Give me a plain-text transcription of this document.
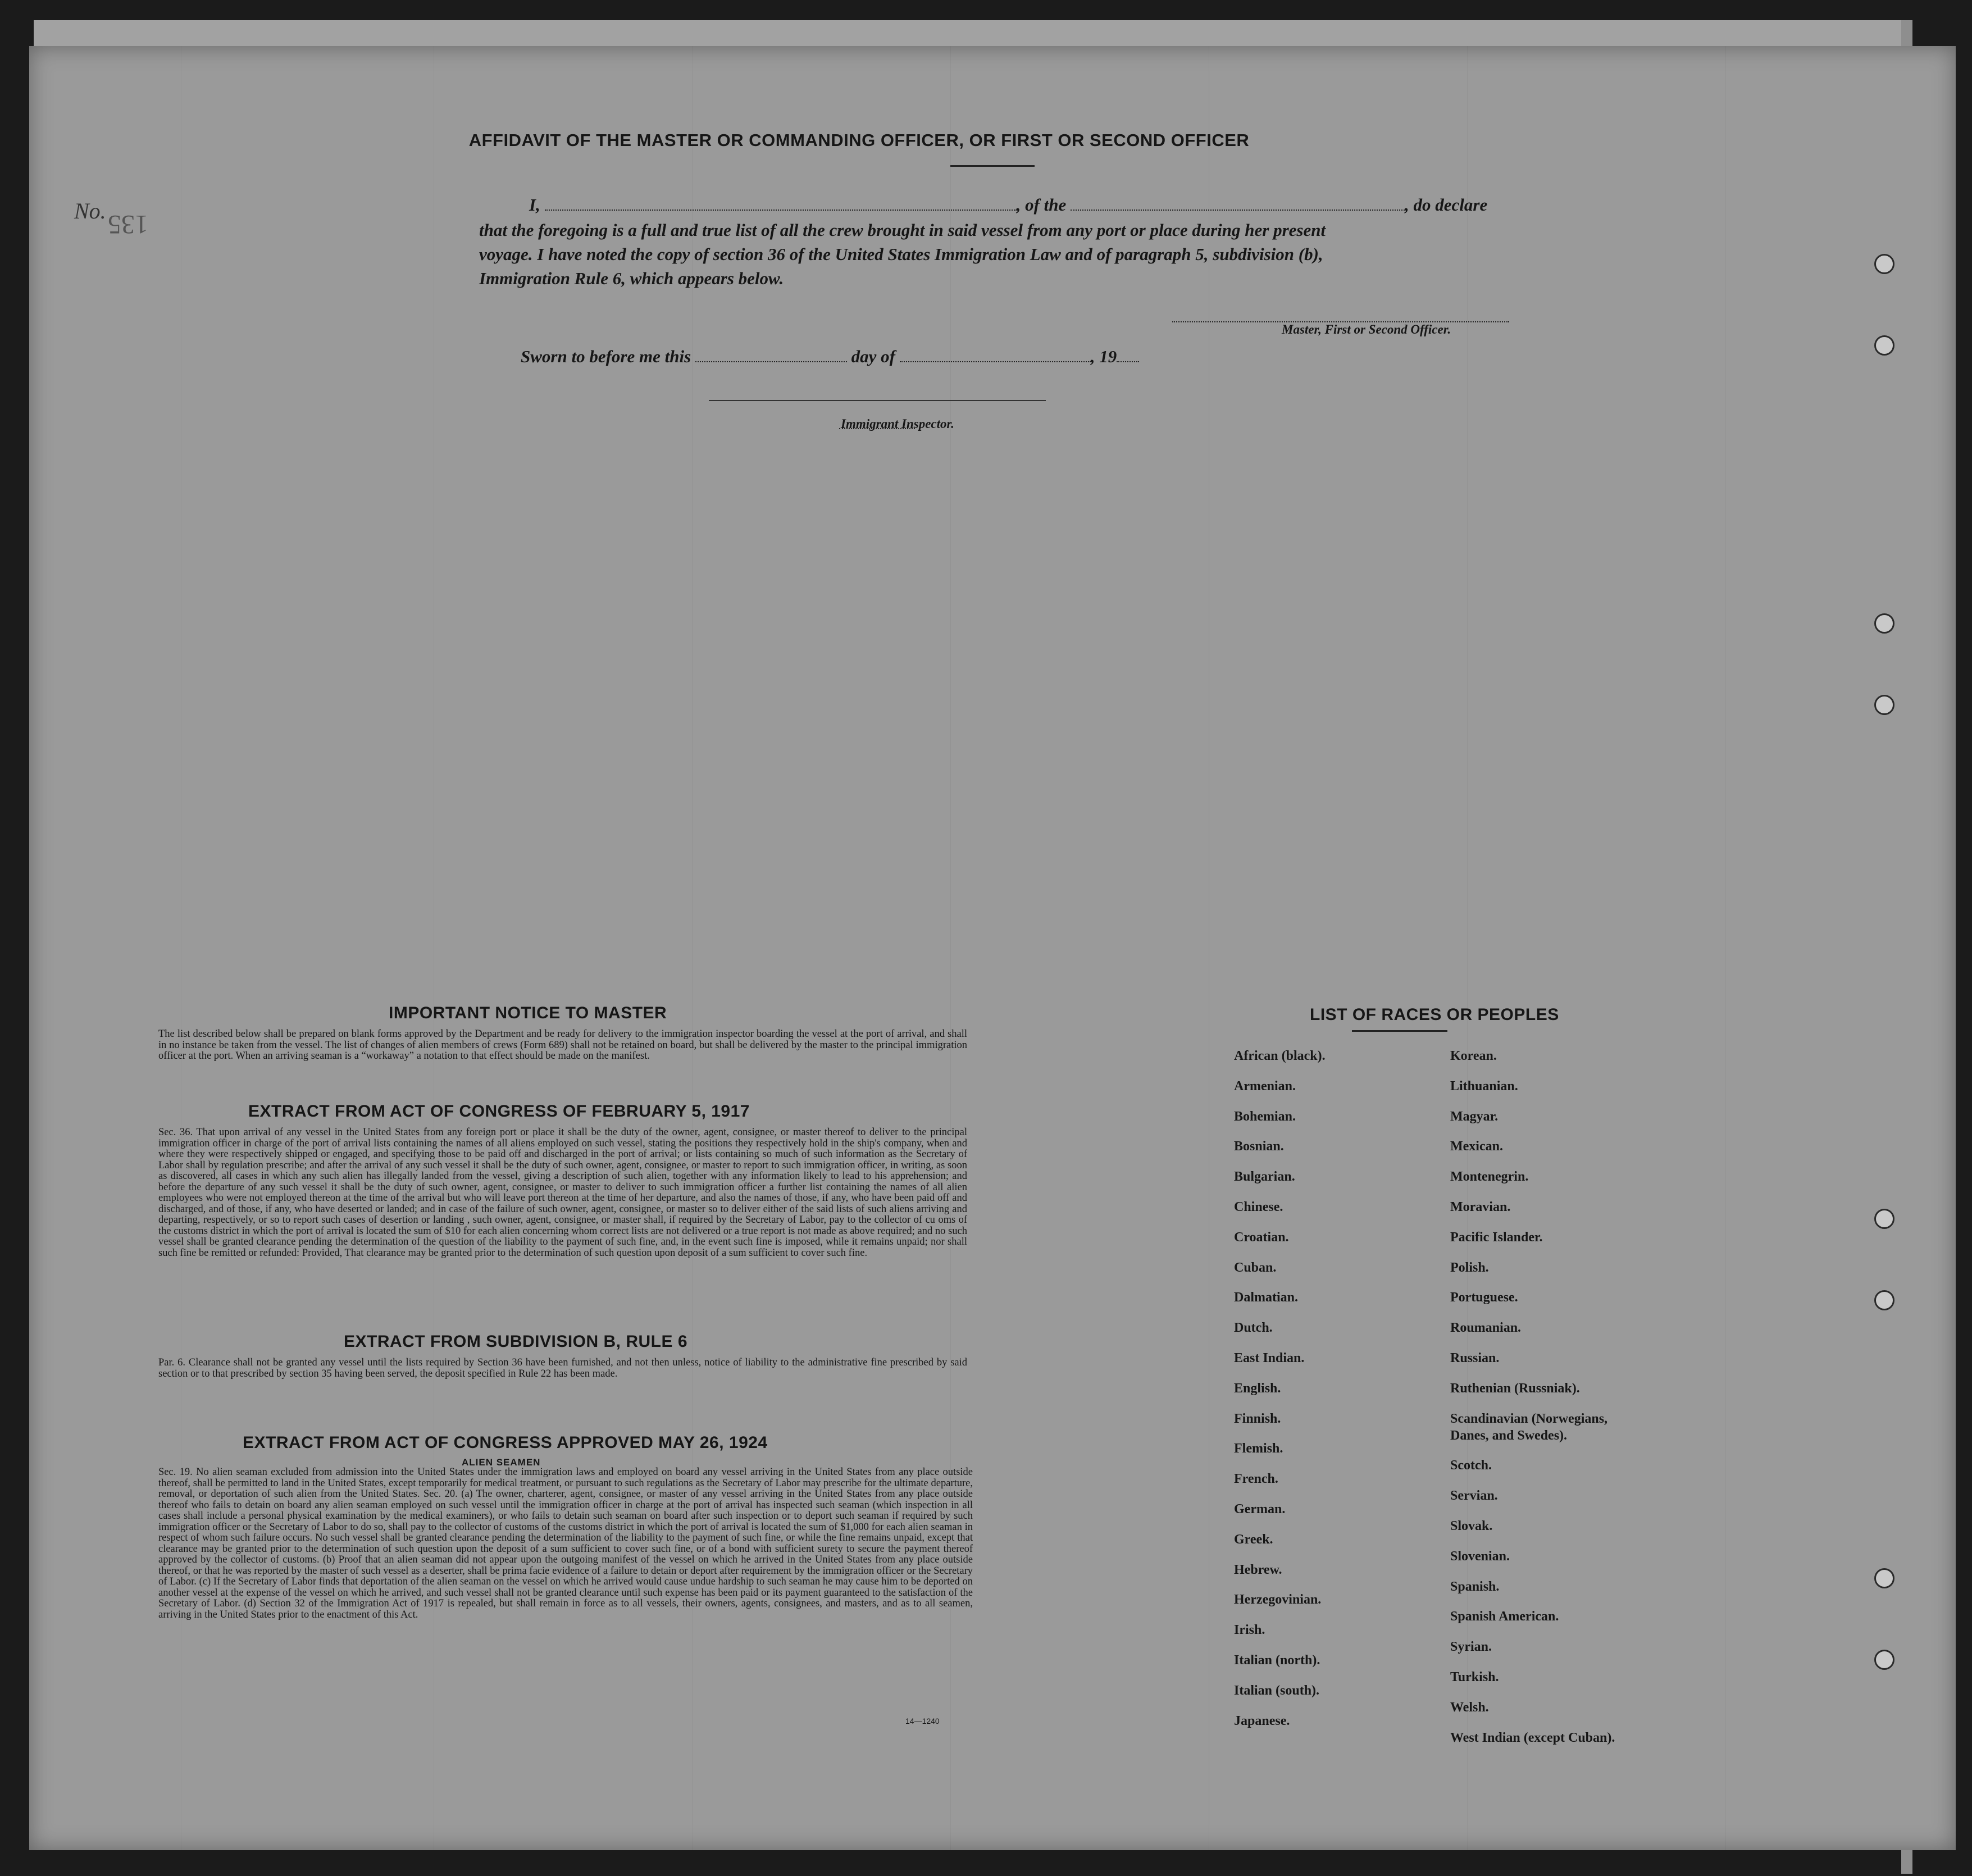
AFFIDAVIT OF THE MASTER OR COMMANDING OFFICER, OR FIRST OR SECOND OFFICER
I,	, of the	, do declare
that the foregoing is a full and true list of all the crew brought in said vessel from any port or place during her present
voyage. I have noted the copy of section 36 of the United States Immigration Law and of paragraph 5, subdivision (b),
Immigration Rule 6, which appears below.
Master, First or Second Officer.
Sworn to before me this	day of	, 19
Immigrant Inspector.
No. 135
IMPORTANT NOTICE TO MASTER
The list described below shall be prepared on blank forms approved by the Department and be ready for delivery to the immigration inspector boarding the vessel at the port of arrival, and shall in no instance be taken from the vessel. The list of changes of alien members of crews (Form 689) shall not be retained on board, but shall be delivered by the master to the principal immigration officer at the port. When an arriving seaman is a “workaway” a notation to that effect should be made on the manifest.
EXTRACT FROM ACT OF CONGRESS OF FEBRUARY 5, 1917
Sec. 36. That upon arrival of any vessel in the United States from any foreign port or place it shall be the duty of the owner, agent, consignee, or master thereof to deliver to the principal immigration officer in charge of the port of arrival lists containing the names of all aliens employed on such vessel, stating the positions they respectively hold in the ship's company, when and where they were respectively shipped or engaged, and specifying those to be paid off and discharged in the port of arrival; or lists containing so much of such information as the Secretary of Labor shall by regulation prescribe; and after the arrival of any such vessel it shall be the duty of such owner, agent, consignee, or master to report to such immigration officer, in writing, as soon as discovered, all cases in which any such alien has illegally landed from the vessel, giving a description of such alien, together with any information likely to lead to his apprehension; and before the departure of any such vessel it shall be the duty of such owner, agent, consignee, or master to deliver to such immigration officer a further list containing the names of all alien employees who were not employed thereon at the time of the arrival but who will leave port thereon at the time of her departure, and also the names of those, if any, who have been paid off and discharged, and of those, if any, who have deserted or landed; and in case of the failure of such owner, agent, consignee, or master so to deliver either of the said lists of such aliens arriving and departing, respectively, or so to report such cases of desertion or landing , such owner, agent, consignee, or master shall, if required by the Secretary of Labor, pay to the collector of cu oms of the customs district in which the port of arrival is located the sum of $10 for each alien concerning whom correct lists are not delivered or a true report is not made as above required; and no such vessel shall be granted clearance pending the determination of the question of the liability to the payment of such fine, and, in the event such fine is imposed, while it remains unpaid; nor shall such fine be remitted or refunded: Provided, That clearance may be granted prior to the determination of such question upon deposit of a sum sufficient to cover such fine.
EXTRACT FROM SUBDIVISION B, RULE 6
Par. 6. Clearance shall not be granted any vessel until the lists required by Section 36 have been furnished, and not then unless, notice of liability to the administrative fine prescribed by said section or to that prescribed by section 35 having been served, the deposit specified in Rule 22 has been made.
EXTRACT FROM ACT OF CONGRESS APPROVED MAY 26, 1924
ALIEN SEAMEN
Sec. 19. No alien seaman excluded from admission into the United States under the immigration laws and employed on board any vessel arriving in the United States from any place outside thereof, shall be permitted to land in the United States, except temporarily for medical treatment, or pursuant to such regulations as the Secretary of Labor may prescribe for the ultimate departure, removal, or deportation of such alien from the United States. Sec. 20. (a) The owner, charterer, agent, consignee, or master of any vessel arriving in the United States from any place outside thereof who fails to detain on board any alien seaman employed on such vessel until the immigration officer in charge at the port of arrival has inspected such seaman (which inspection in all cases shall include a personal physical examination by the medical examiners), or who fails to detain such seaman on board after such inspection or to deport such seaman if required by such immigration officer or the Secretary of Labor to do so, shall pay to the collector of customs of the customs district in which the port of arrival is located the sum of $1,000 for each alien seaman in respect of whom such failure occurs. No such vessel shall be granted clearance pending the determination of the liability to the payment of such fine, or while the fine remains unpaid, except that clearance may be granted prior to the determination of such question upon the deposit of a sum sufficient to cover such fine, or of a bond with sufficient surety to secure the payment thereof approved by the collector of customs. (b) Proof that an alien seaman did not appear upon the outgoing manifest of the vessel on which he arrived in the United States from any place outside thereof, or that he was reported by the master of such vessel as a deserter, shall be prima facie evidence of a failure to detain or deport after requirement by the immigration officer or the Secretary of Labor. (c) If the Secretary of Labor finds that deportation of the alien seaman on the vessel on which he arrived would cause undue hardship to such seaman he may cause him to be deported on another vessel at the expense of the vessel on which he arrived, and such vessel shall not be granted clearance until such expense has been paid or its payment guaranteed to the satisfaction of the Secretary of Labor. (d) Section 32 of the Immigration Act of 1917 is repealed, but shall remain in force as to all vessels, their owners, agents, consignees, and masters, and as to all seamen, arriving in the United States prior to the enactment of this Act.
14—1240
LIST OF RACES OR PEOPLES
African (black).
Armenian.
Bohemian.
Bosnian.
Bulgarian.
Chinese.
Croatian.
Cuban.
Dalmatian.
Dutch.
East Indian.
English.
Finnish.
Flemish.
French.
German.
Greek.
Hebrew.
Herzegovinian.
Irish.
Italian (north).
Italian (south).
Japanese.
Korean.
Lithuanian.
Magyar.
Mexican.
Montenegrin.
Moravian.
Pacific Islander.
Polish.
Portuguese.
Roumanian.
Russian.
Ruthenian (Russniak).
Scandinavian (Norwegians,
Danes, and Swedes).
Scotch.
Servian.
Slovak.
Slovenian.
Spanish.
Spanish American.
Syrian.
Turkish.
Welsh.
West Indian (except Cuban).
